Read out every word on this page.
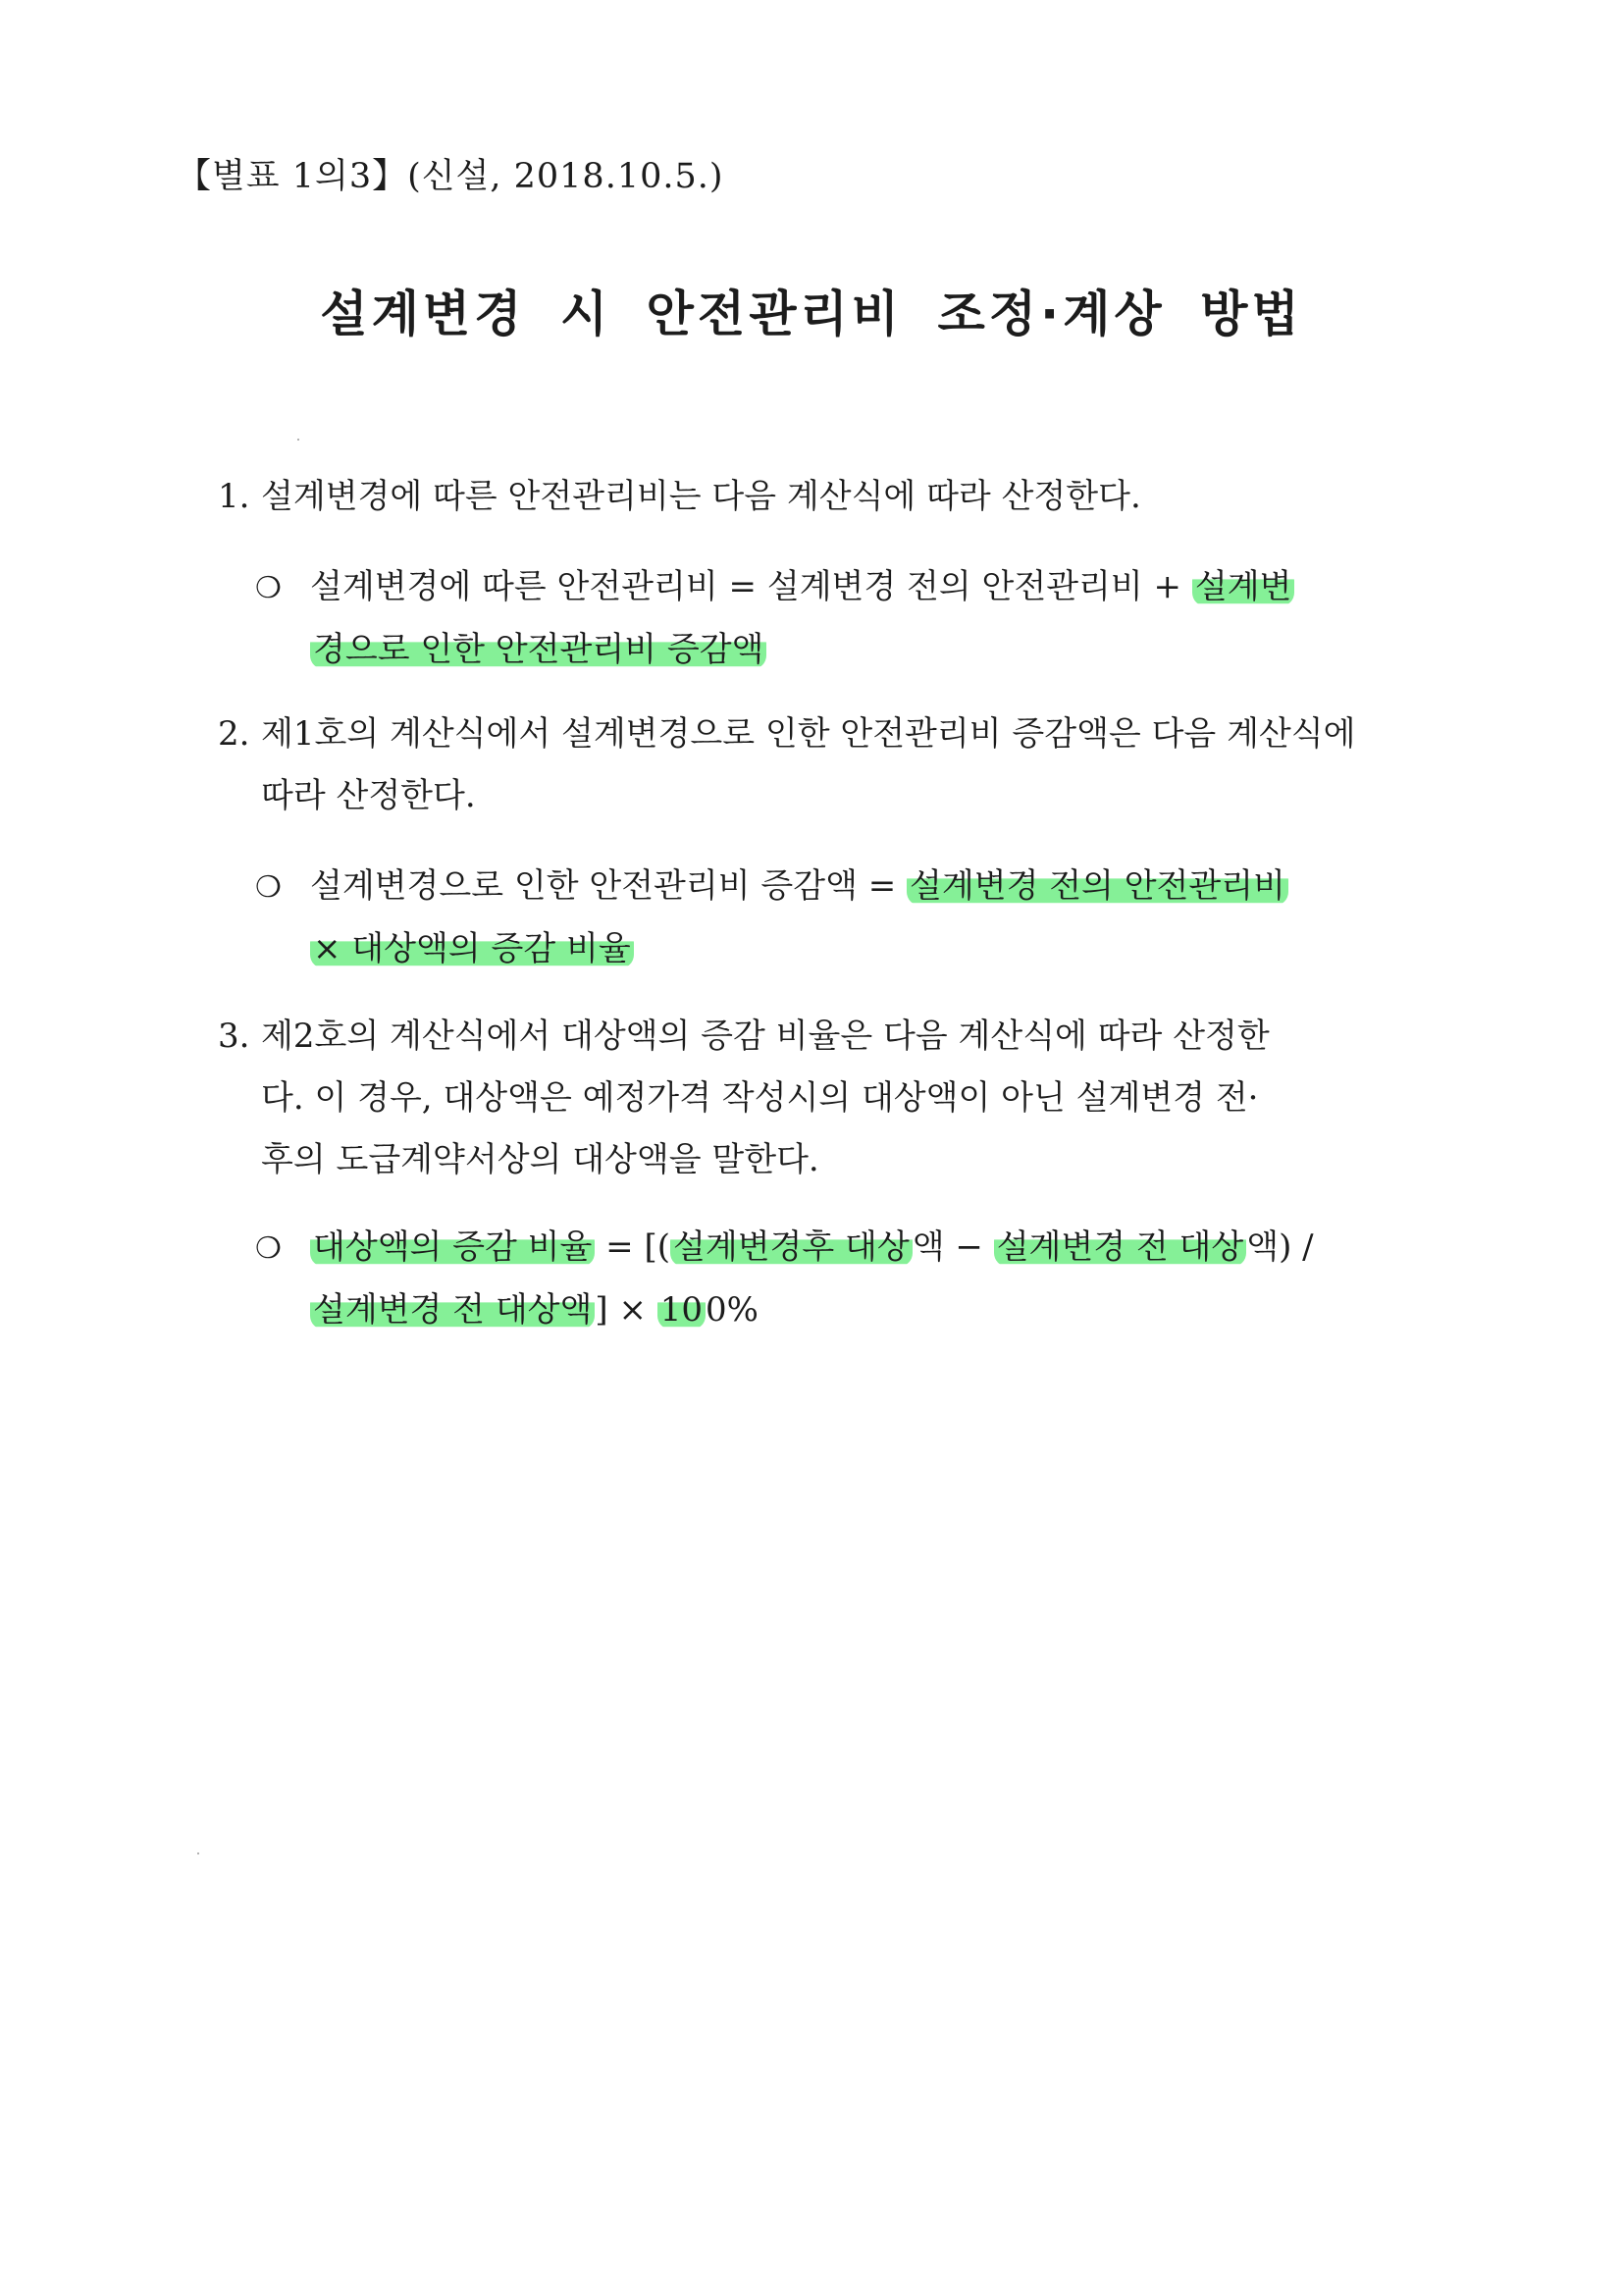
【별표 1의3】(신설, 2018.10.5.)
설계변경 시 안전관리비 조정·계상 방법
1. 설계변경에 따른 안전관리비는 다음 계산식에 따라 산정한다.
❍ 설계변경에 따른 안전관리비 = 설계변경 전의 안전관리비 + 설계변
경으로 인한 안전관리비 증감액
2. 제1호의 계산식에서 설계변경으로 인한 안전관리비 증감액은 다음 계산식에
따라 산정한다.
❍ 설계변경으로 인한 안전관리비 증감액 = 설계변경 전의 안전관리비
× 대상액의 증감 비율
3. 제2호의 계산식에서 대상액의 증감 비율은 다음 계산식에 따라 산정한
다. 이 경우, 대상액은 예정가격 작성시의 대상액이 아닌 설계변경 전·
후의 도급계약서상의 대상액을 말한다.
❍ 대상액의 증감 비율 = [(설계변경후 대상액 − 설계변경 전 대상액) /
설계변경 전 대상액] × 100%
